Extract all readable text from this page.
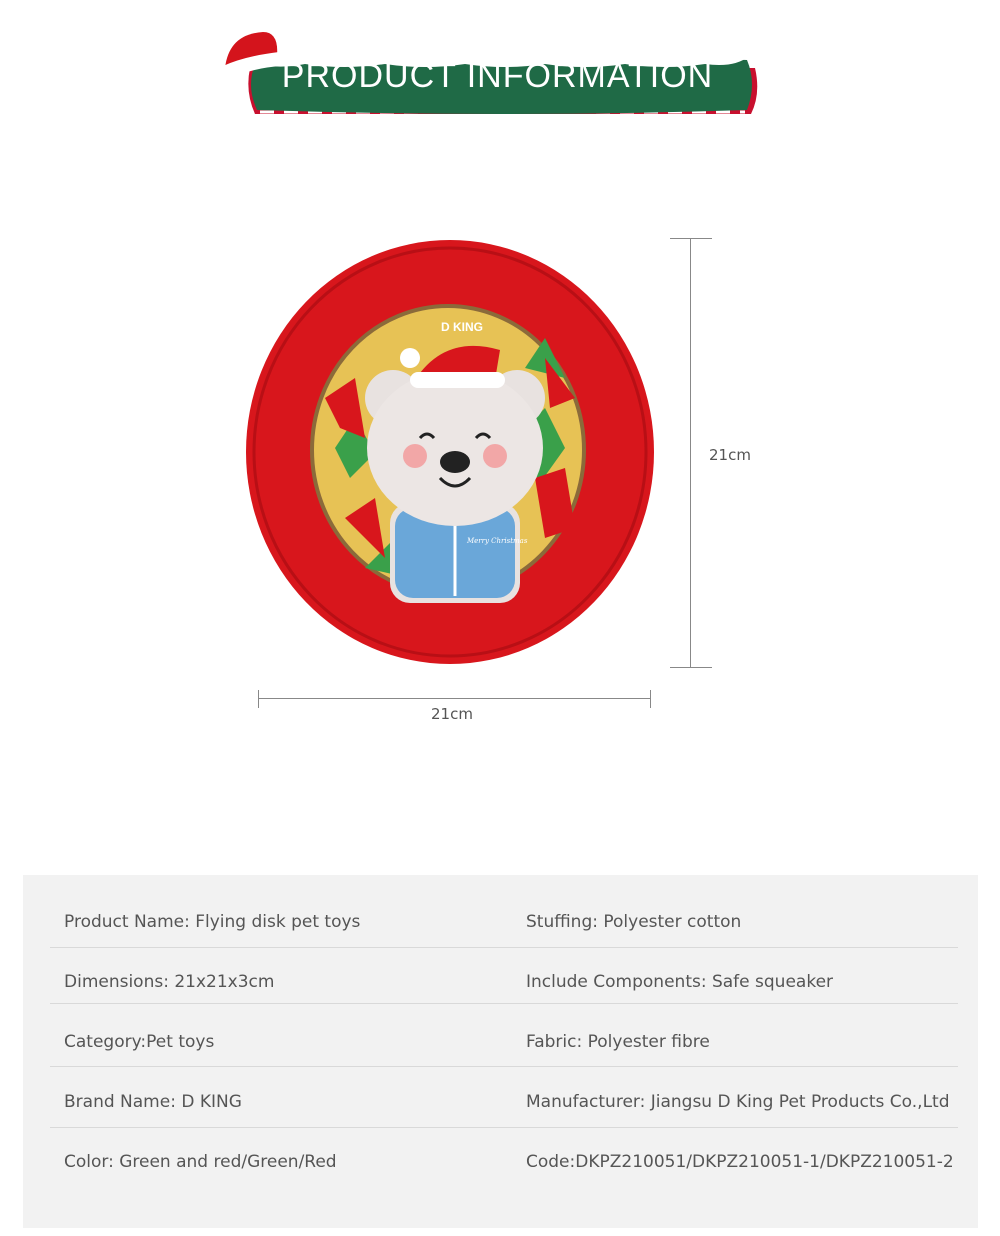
PRODUCT INFORMATION
D KING
Merry Christmas
21cm
21cm
Product Name: Flying disk pet toys	Stuffing: Polyester cotton
Dimensions: 21x21x3cm	Include Components: Safe squeaker
Category:Pet toys	Fabric: Polyester fibre
Brand Name: D KING	Manufacturer: Jiangsu D King Pet Products Co.,Ltd
Color: Green and red/Green/Red	Code:DKPZ210051/DKPZ210051-1/DKPZ210051-2
